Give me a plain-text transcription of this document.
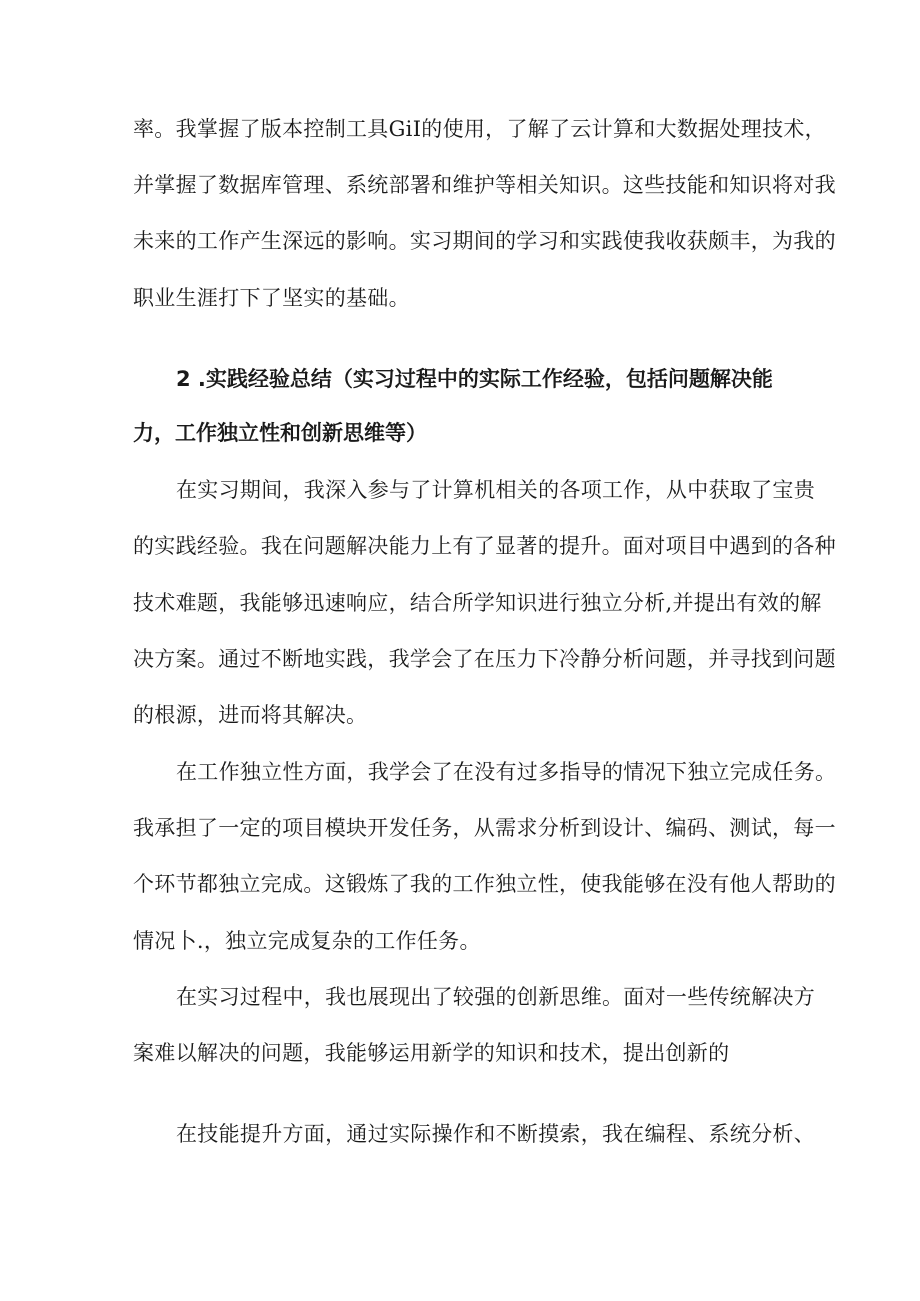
率。我掌握了版本控制工具GiI的使用，了解了云计算和大数据处理技术，
并掌握了数据库管理、系统部署和维护等相关知识。这些技能和知识将对我
未来的工作产生深远的影响。实习期间的学习和实践使我收获颇丰，为我的
职业生涯打下了坚实的基础。
2 .实践经验总结（实习过程中的实际工作经验，包括问题解决能
力，工作独立性和创新思维等）
在实习期间，我深入参与了计算机相关的各项工作，从中获取了宝贵
的实践经验。我在问题解决能力上有了显著的提升。面对项目中遇到的各种
技术难题，我能够迅速响应，结合所学知识进行独立分析,并提出有效的解
决方案。通过不断地实践，我学会了在压力下冷静分析问题，并寻找到问题
的根源，进而将其解决。
在工作独立性方面，我学会了在没有过多指导的情况下独立完成任务。
我承担了一定的项目模块开发任务，从需求分析到设计、编码、测试，每一
个环节都独立完成。这锻炼了我的工作独立性，使我能够在没有他人帮助的
情况卜.，独立完成复杂的工作任务。
在实习过程中，我也展现出了较强的创新思维。面对一些传统解决方
案难以解决的问题，我能够运用新学的知识和技术，提出创新的
在技能提升方面，通过实际操作和不断摸索，我在编程、系统分析、
